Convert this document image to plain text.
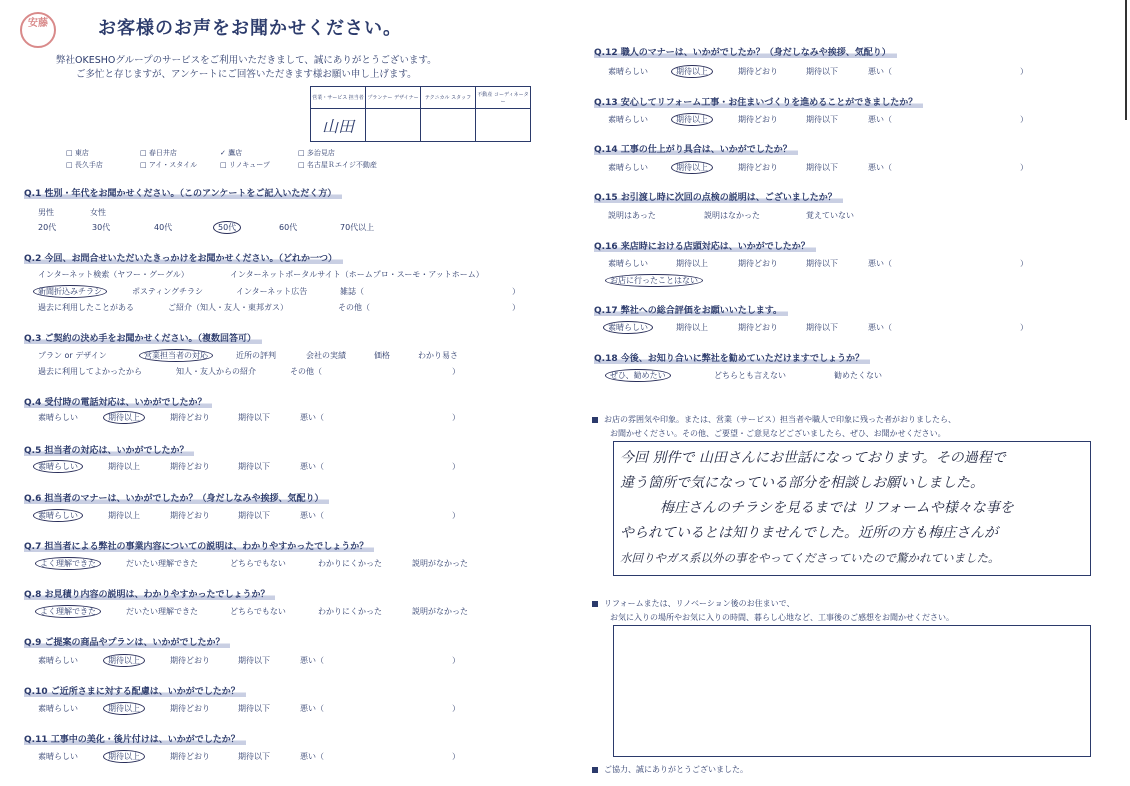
安藤	お客様のお声をお聞かせください。
弊社OKESHOグループのサービスをご利用いただきまして、誠にありがとうございます。
ご多忙と存じますが、アンケートにご回答いただきます様お願い申し上げます。
営業・サービス 担当者	プランナー デザイナー	テクニカル スタッフ	不動産 コーディネーター
山田			
□ 東店	□ 春日井店	✓ 鷹店	□ 多治見店
□ 長久手店	□ アイ・スタイル	□ リノキューブ	□ 名古屋Ｒエイジ不動産
Q.1 性別・年代をお聞かせください。（このアンケートをご記入いただく方）
男性	女性
20代	30代	40代	50代	60代	70代以上
Q.2 今回、お問合せいただいたきっかけをお聞かせください。（どれか一つ）
インターネット検索（ヤフー・グーグル）	インターネットポータルサイト（ホームプロ・スーモ・アットホーム）
新聞折込みチラシ	ポスティングチラシ	インターネット広告	雑誌（	）
過去に利用したことがある	ご紹介（知人・友人・東邦ガス）	その他（	）
Q.3 ご契約の決め手をお聞かせください。（複数回答可）
プラン or デザイン	営業担当者の対応	近所の評判	会社の実績	価格	わかり易さ
過去に利用してよかったから	知人・友人からの紹介	その他（	）
Q.4 受付時の電話対応は、いかがでしたか？
素晴らしい	期待以上	期待どおり	期待以下	悪い（	）
Q.5 担当者の対応は、いかがでしたか？
素晴らしい	期待以上	期待どおり	期待以下	悪い（	）
Q.6 担当者のマナーは、いかがでしたか？（身だしなみや挨拶、気配り）
素晴らしい	期待以上	期待どおり	期待以下	悪い（	）
Q.7 担当者による弊社の事業内容についての説明は、わかりやすかったでしょうか？
よく理解できた	だいたい理解できた	どちらでもない	わかりにくかった	説明がなかった
Q.8 お見積り内容の説明は、わかりやすかったでしょうか？
よく理解できた	だいたい理解できた	どちらでもない	わかりにくかった	説明がなかった
Q.9 ご提案の商品やプランは、いかがでしたか？
素晴らしい	期待以上	期待どおり	期待以下	悪い（	）
Q.10 ご近所さまに対する配慮は、いかがでしたか？
素晴らしい	期待以上	期待どおり	期待以下	悪い（	）
Q.11 工事中の美化・後片付けは、いかがでしたか？
素晴らしい	期待以上	期待どおり	期待以下	悪い（	）
Q.12 職人のマナーは、いかがでしたか？（身だしなみや挨拶、気配り）
素晴らしい	期待以上	期待どおり	期待以下	悪い（	）
Q.13 安心してリフォーム工事・お住まいづくりを進めることができましたか？
素晴らしい	期待以上	期待どおり	期待以下	悪い（	）
Q.14 工事の仕上がり具合は、いかがでしたか？
素晴らしい	期待以上	期待どおり	期待以下	悪い（	）
Q.15 お引渡し時に次回の点検の説明は、ございましたか？
説明はあった	説明はなかった	覚えていない
Q.16 来店時における店頭対応は、いかがでしたか？
素晴らしい	期待以上	期待どおり	期待以下	悪い（	）
お店に行ったことはない
Q.17 弊社への総合評価をお願いいたします。
素晴らしい	期待以上	期待どおり	期待以下	悪い（	）
Q.18 今後、お知り合いに弊社を勧めていただけますでしょうか？
ぜひ、勧めたい	どちらとも言えない	勧めたくない
お店の雰囲気や印象。または、営業（サービス）担当者や職人で印象に残った者がおりましたら、
お聞かせください。その他、ご要望・ご意見などございましたら、ぜひ、お聞かせください。
今回 別件で 山田さんにお世話になっております。その過程で
違う箇所で気になっている部分を相談しお願いしました。
梅庄さんのチラシを見るまでは リフォームや様々な事を
やられているとは知りませんでした。近所の方も梅庄さんが
水回りやガス系以外の事をやってくださっていたので驚かれていました。
リフォームまたは、リノベーション後のお住まいで、
お気に入りの場所やお気に入りの時間、暮らし心地など、工事後のご感想をお聞かせください。
ご協力、誠にありがとうございました。
